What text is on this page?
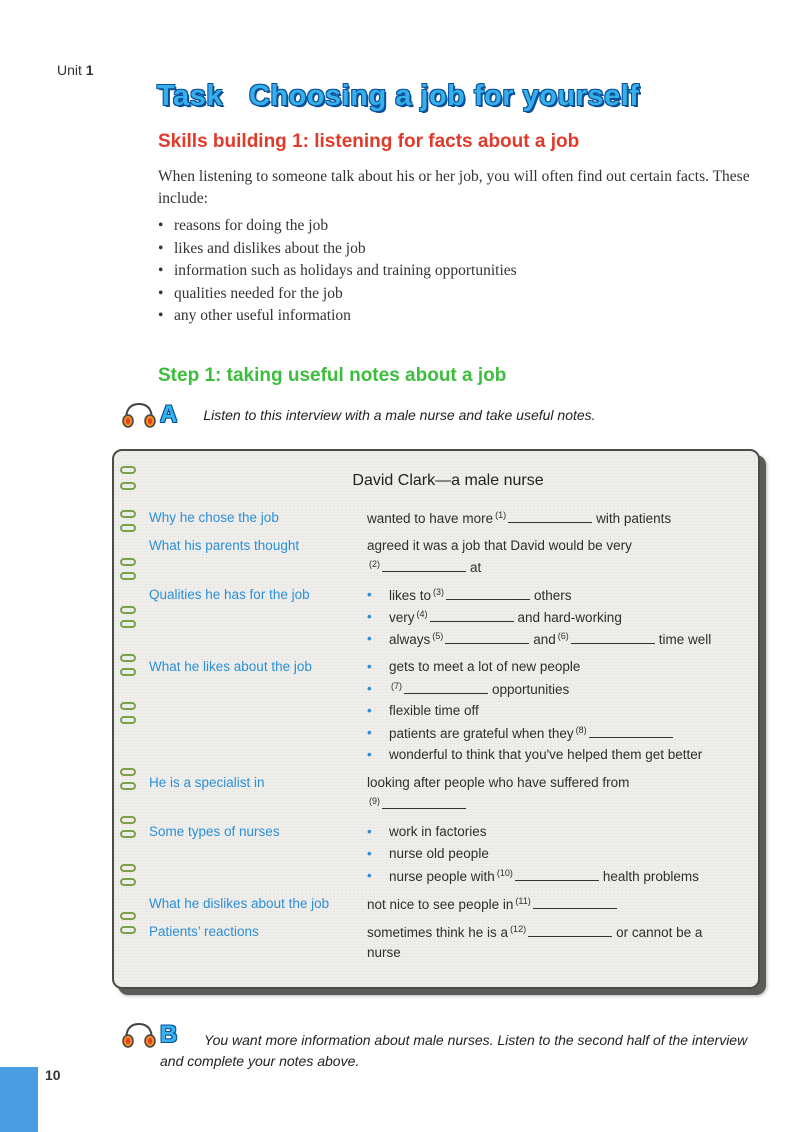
Unit 1
Task Choosing a job for yourself
Skills building 1: listening for facts about a job

When listening to someone talk about his or her job, you will often find out certain facts. These include:

• reasons for doing the job
• likes and dislikes about the job
• information such as holidays and training opportunities
• qualities needed for the job
• any other useful information
Step 1: taking useful notes about a job
A Listen to this interview with a male nurse and take useful notes.
David Clark—a male nurse
Why he chose the job	wanted to have more $^{(1)}$	with patients
What his parents thought	agreed it was a job that David would be very
$^{(2)}$	at
Qualities he has for the job	• likes to $^{(3)}$	others
• very $^{(4)}$	and hard-working
• always $^{(5)}$	and $^{(6)}$	time well
What he likes about the job	• gets to meet a lot of new people
• $^{(7)}$	opportunities
• flexible time off
• patients are grateful when they $^{(8)}$
• wonderful to think that you've helped them get better
He is a specialist in	looking after people who have suffered from
$^{(9)}$
Some types of nurses	• work in factories
• nurse old people
• nurse people with $^{(10)}$	health problems
What he dislikes about the job	not nice to see people in $^{(11)}$
Patients’ reactions	sometimes think he is a $^{(12)}$	or cannot be a
nurse
B	You want more information about male nurses. Listen to the second half of the interview and complete your notes above.

10
